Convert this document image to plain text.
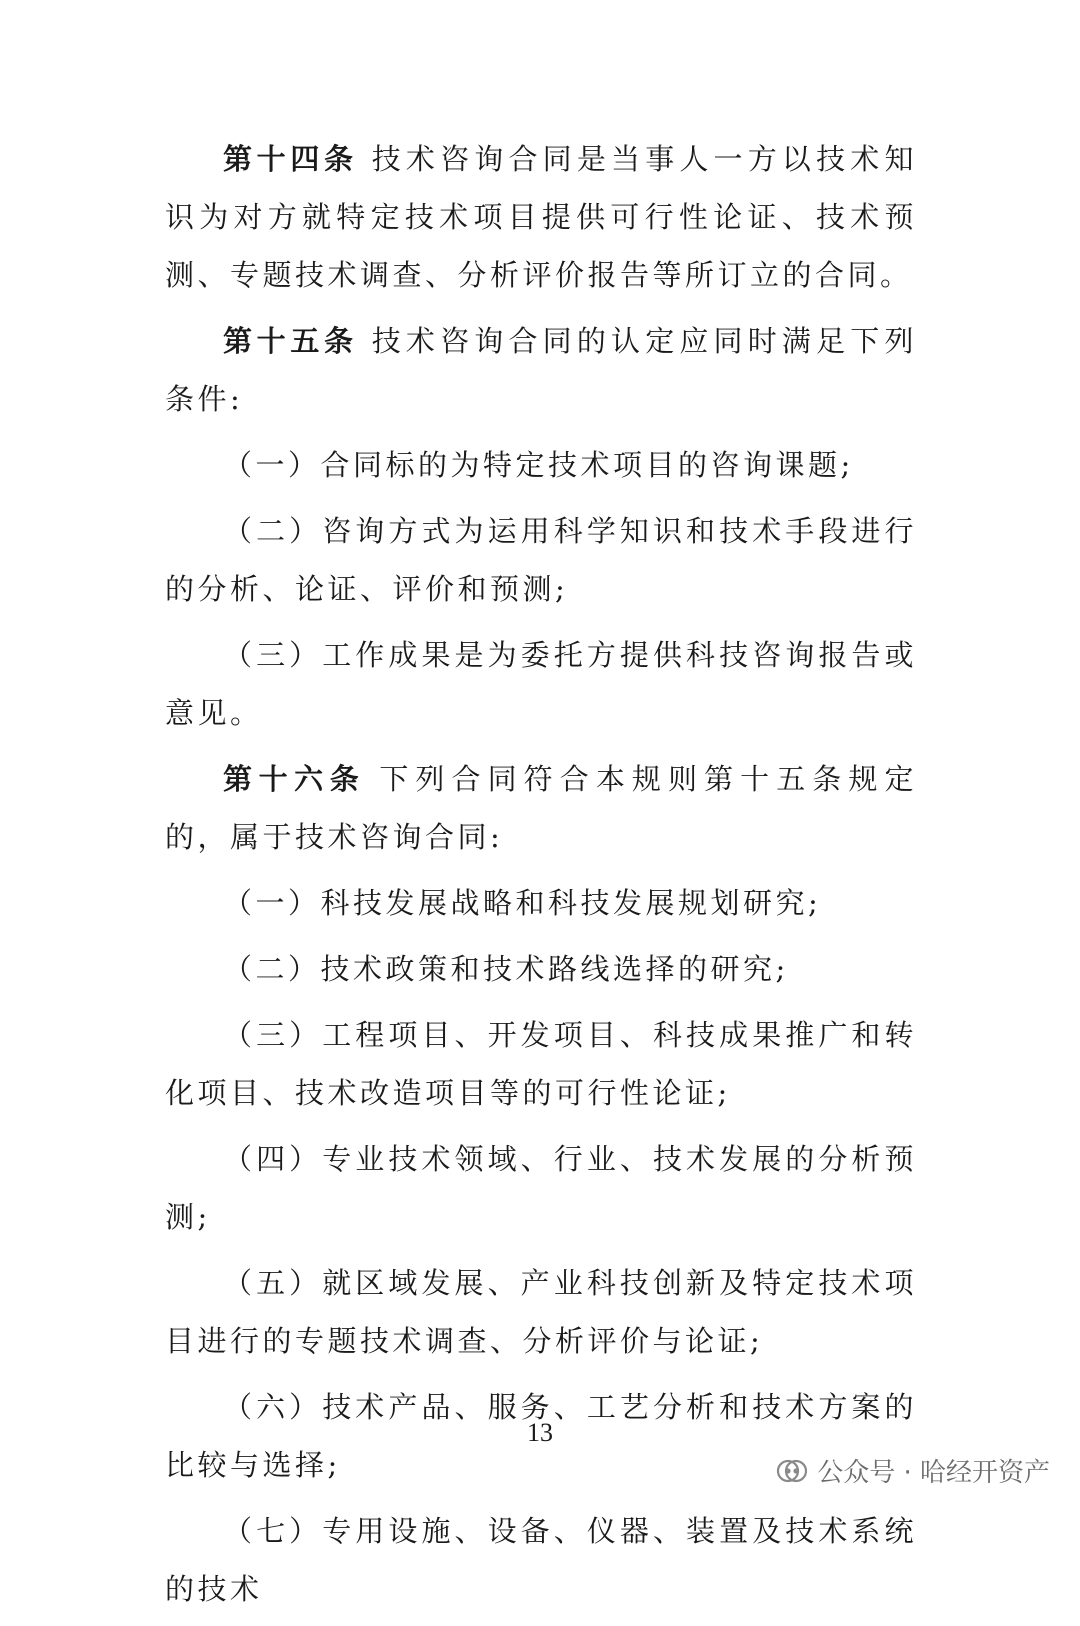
第十四条 技术咨询合同是当事人一方以技术知识为对方就特定技术项目提供可行性论证、技术预测、专题技术调查、分析评价报告等所订立的合同。

第十五条 技术咨询合同的认定应同时满足下列条件:

（一）合同标的为特定技术项目的咨询课题;

（二）咨询方式为运用科学知识和技术手段进行的分析、论证、评价和预测;

（三）工作成果是为委托方提供科技咨询报告或意见。

第十六条 下列合同符合本规则第十五条规定的，属于技术咨询合同:

（一）科技发展战略和科技发展规划研究;

（二）技术政策和技术路线选择的研究;

（三）工程项目、开发项目、科技成果推广和转化项目、技术改造项目等的可行性论证;

（四）专业技术领域、行业、技术发展的分析预测;

（五）就区域发展、产业科技创新及特定技术项目进行的专题技术调查、分析评价与论证;

（六）技术产品、服务、工艺分析和技术方案的比较与选择;

（七）专用设施、设备、仪器、装置及技术系统的技术

13
公众号 · 哈经开资产
